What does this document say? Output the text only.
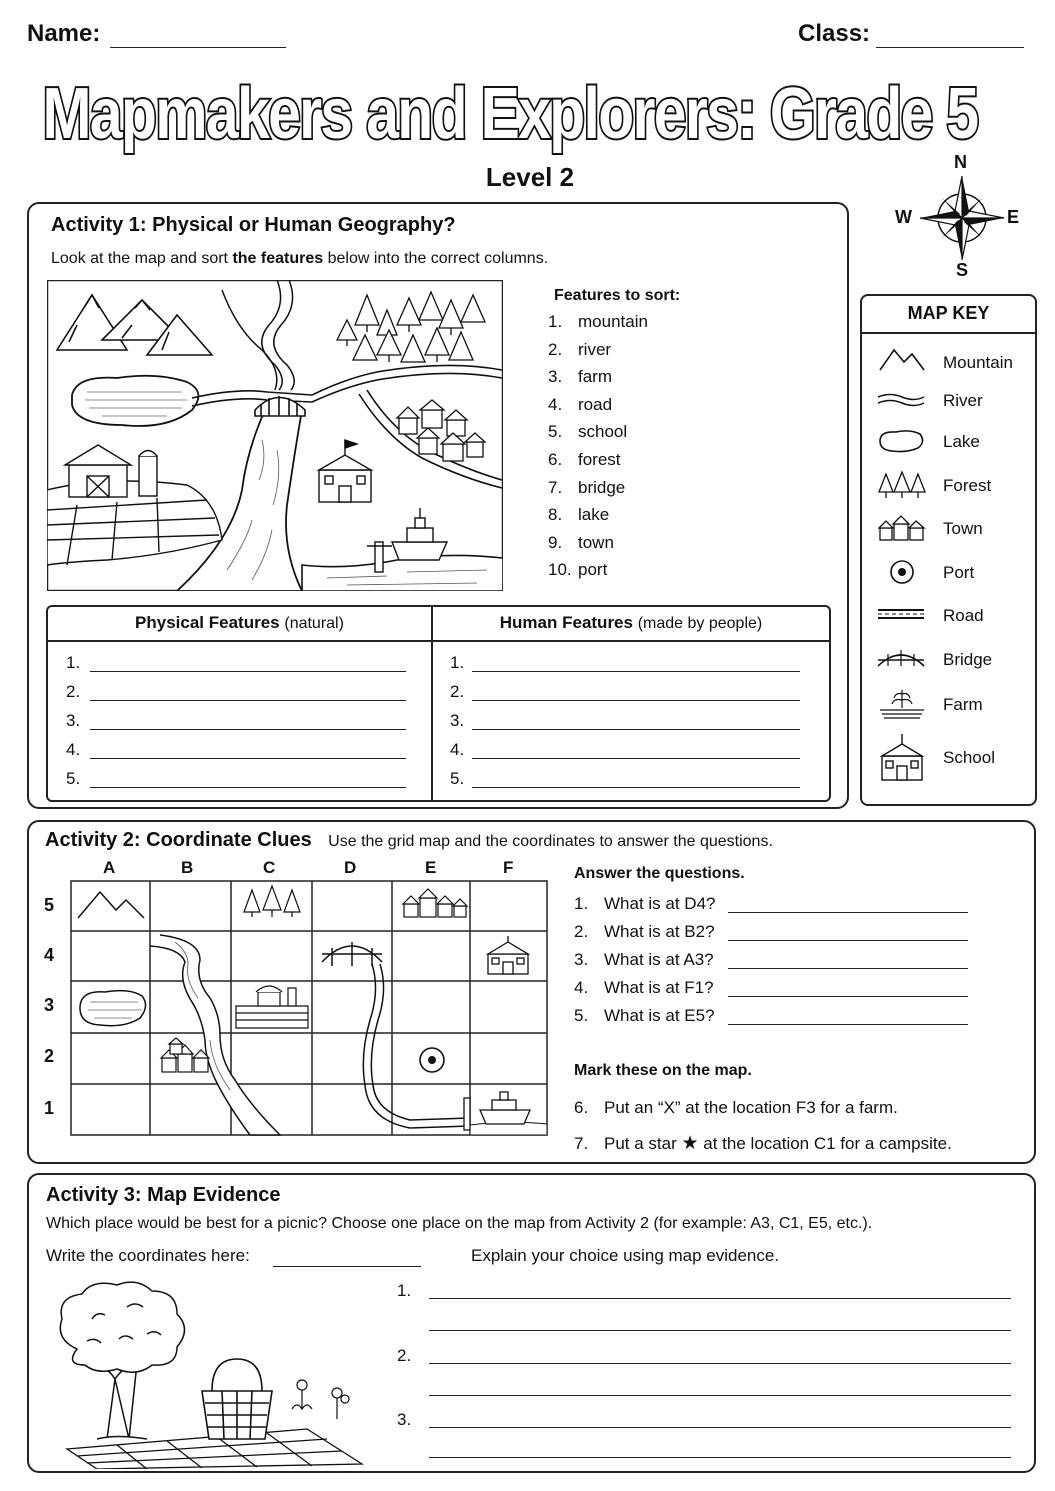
Name:	Class:
Mapmakers and Explorers: Grade 5
Level 2	N
S
W	E
Activity 1: Physical or Human Geography?
Look at the map and sort the features below into the correct columns.
Features to sort:
1. mountain
2. river
3. farm
4. road
5. school
6. forest
7. bridge
8. lake
9. town
10. port
Physical Features (natural)	Human Features (made by people)
1.
2.
3.
4.
5.
1.
2.
3.
4.
5.
MAP KEY
Mountain
River
Lake
Forest
Town
Port
Road
Bridge
Farm
School
Activity 2: Coordinate Clues Use the grid map and the coordinates to answer the questions.
A	B	C	D	E	F
5
4
3
2
1
Answer the questions.
1. What is at D4?
2. What is at B2?
3. What is at A3?
4. What is at F1?
5. What is at E5?
Mark these on the map.
6. Put an “X” at the location F3 for a farm.
7. Put a star ★ at the location C1 for a campsite.
Activity 3: Map Evidence
Which place would be best for a picnic? Choose one place on the map from Activity 2 (for example: A3, C1, E5, etc.).
Write the coordinates here:	Explain your choice using map evidence.
1.
2.
3.
